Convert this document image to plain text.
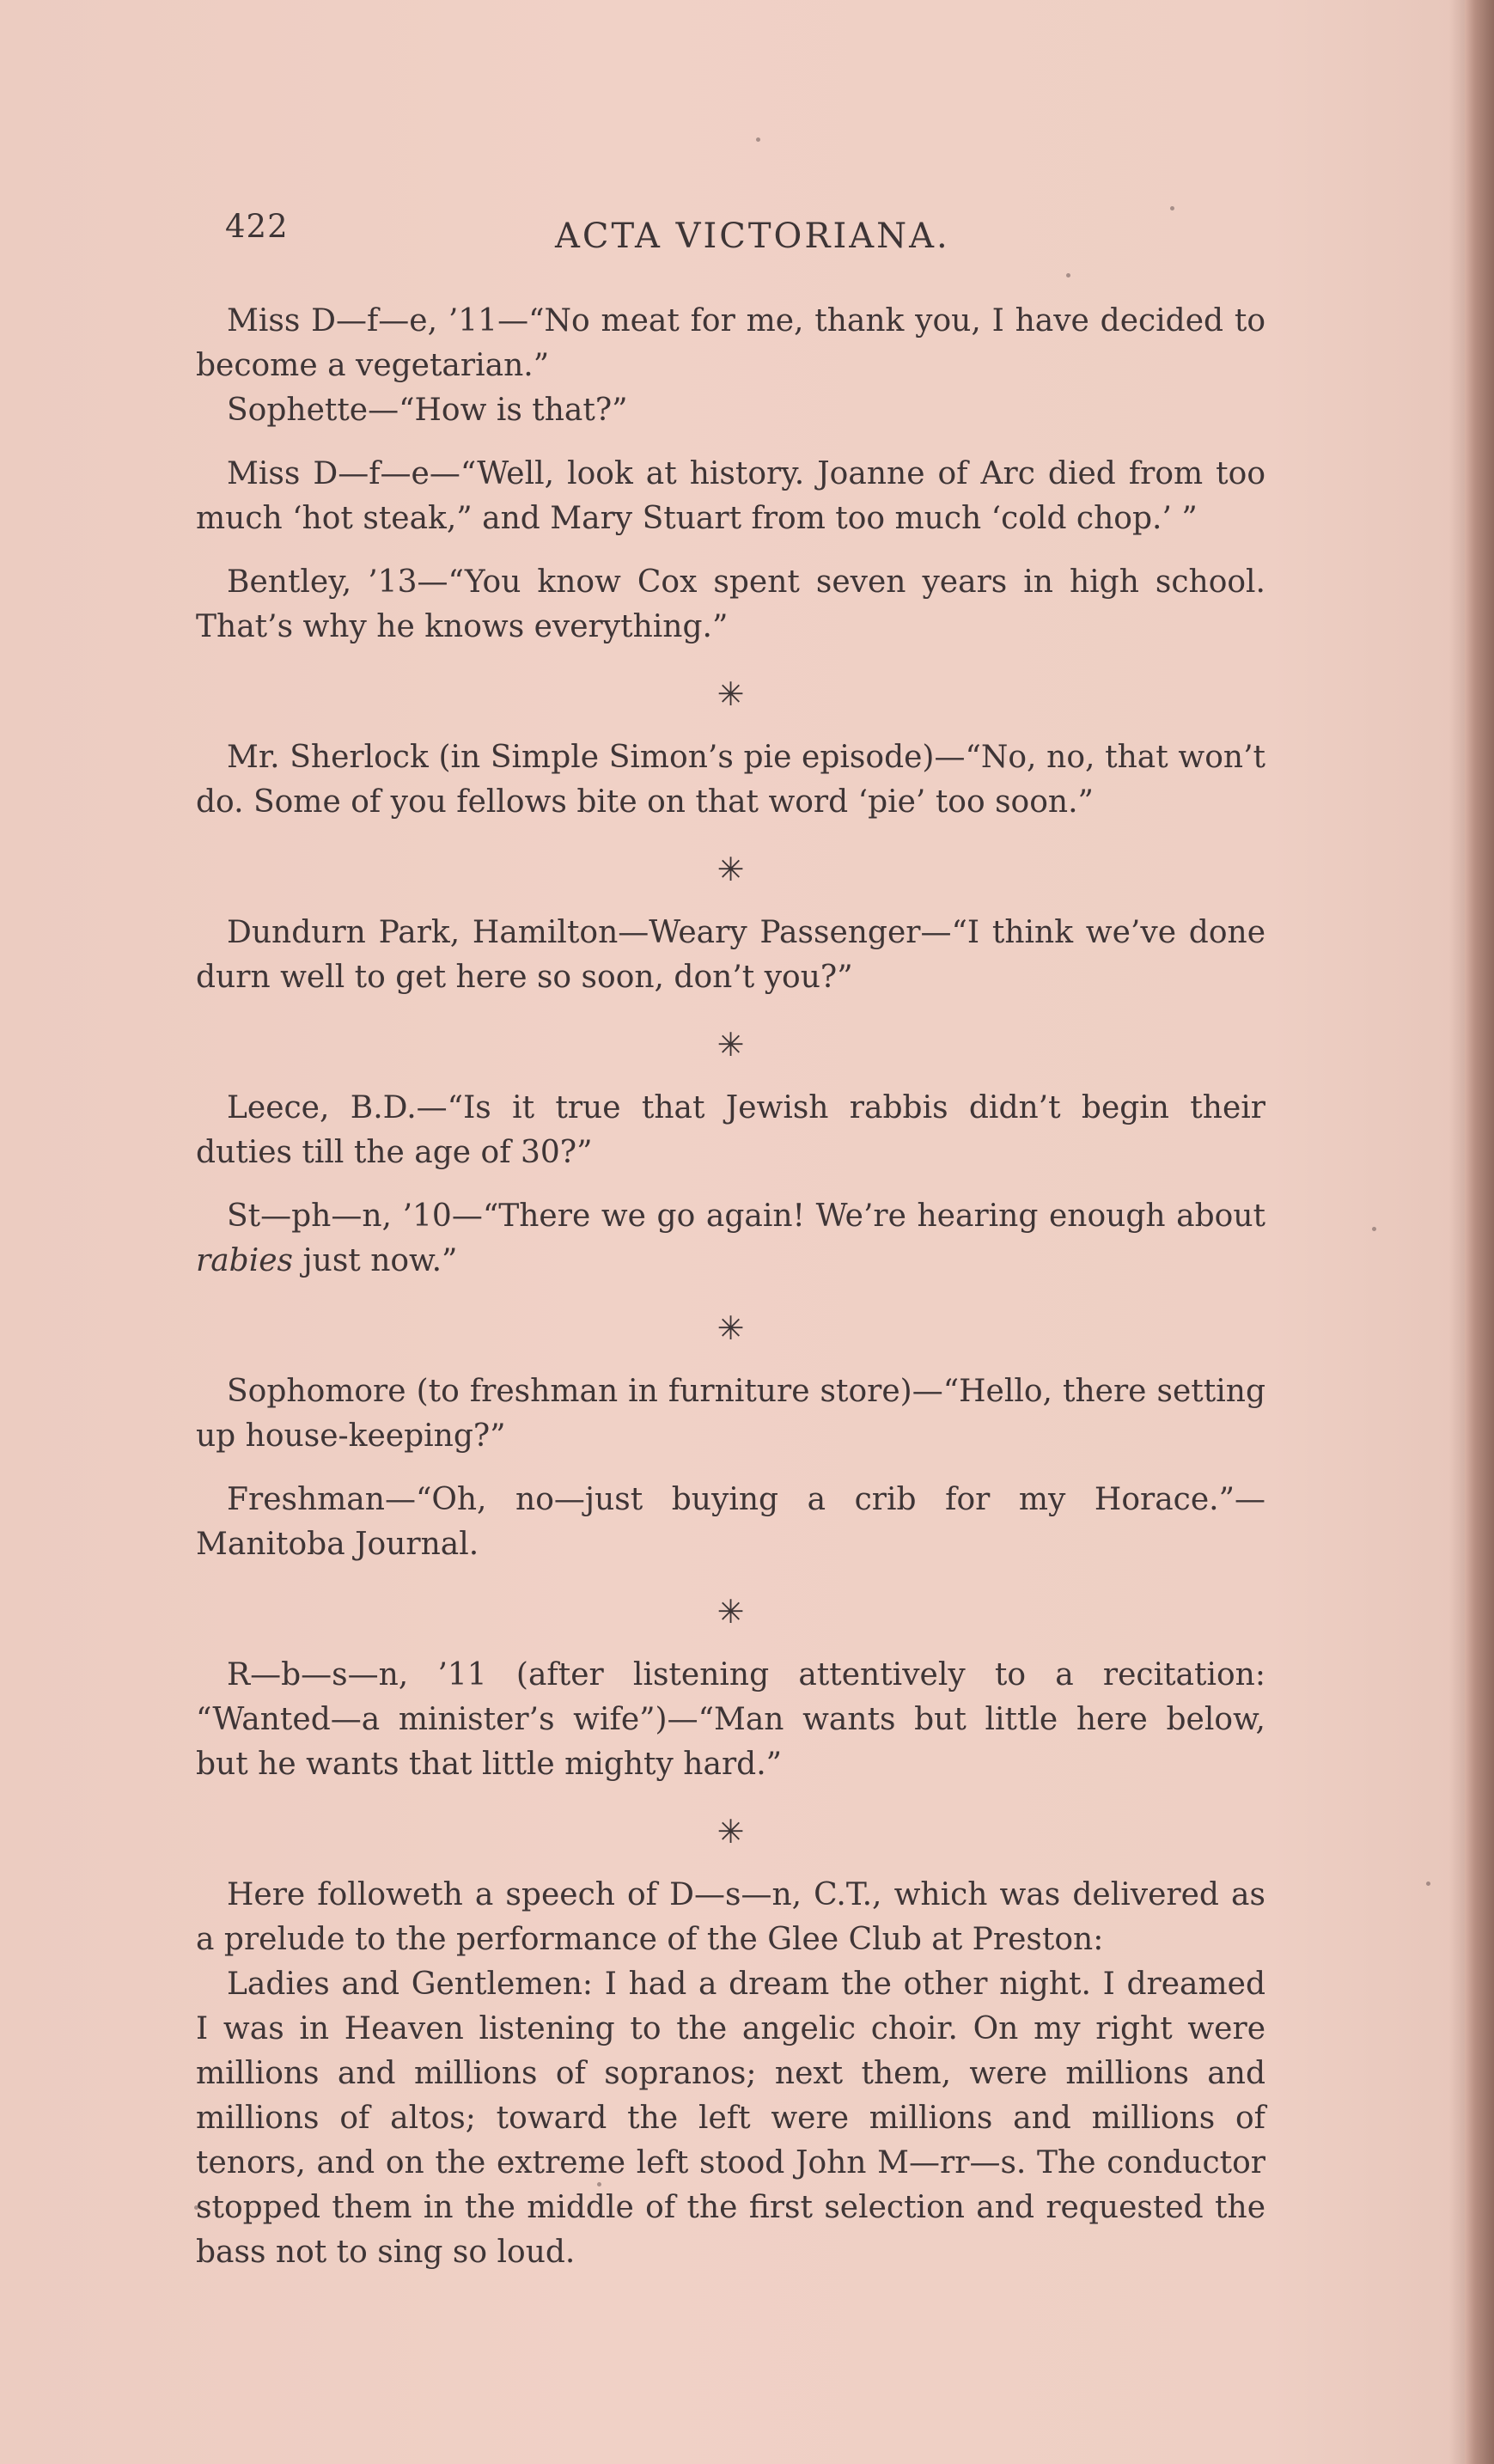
422	ACTA VICTORIANA.

Miss D—f—e, ’11—“No meat for me, thank you, I have decided to become a vegetarian.”

Sophette—“How is that?”

Miss D—f—e—“Well, look at history. Joanne of Arc died from too much ‘hot steak,” and Mary Stuart from too much ‘cold chop.’ ”

Bentley, ’13—“You know Cox spent seven years in high school. That’s why he knows everything.”

✳

Mr. Sherlock (in Simple Simon’s pie episode)—“No, no, that won’t do. Some of you fellows bite on that word ‘pie’ too soon.”

✳

Dundurn Park, Hamilton—Weary Passenger—“I think we’ve done durn well to get here so soon, don’t you?”

✳

Leece, B.D.—“Is it true that Jewish rabbis didn’t begin their duties till the age of 30?”

St—ph—n, ’10—“There we go again! We’re hearing enough about rabies just now.”

✳

Sophomore (to freshman in furniture store)—“Hello, there setting up house-keeping?”

Freshman—“Oh, no—just buying a crib for my Horace.”—Manitoba Journal.

✳

R—b—s—n, ’11 (after listening attentively to a recitation: “Wanted—a minister’s wife”)—“Man wants but little here below, but he wants that little mighty hard.”

✳

Here followeth a speech of D—s—n, C.T., which was delivered as a prelude to the performance of the Glee Club at Preston:

Ladies and Gentlemen: I had a dream the other night. I dreamed I was in Heaven listening to the angelic choir. On my right were millions and millions of sopranos; next them, were millions and millions of altos; toward the left were millions and millions of tenors, and on the extreme left stood John M—rr—s. The conductor stopped them in the middle of the first selection and requested the bass not to sing so loud.
